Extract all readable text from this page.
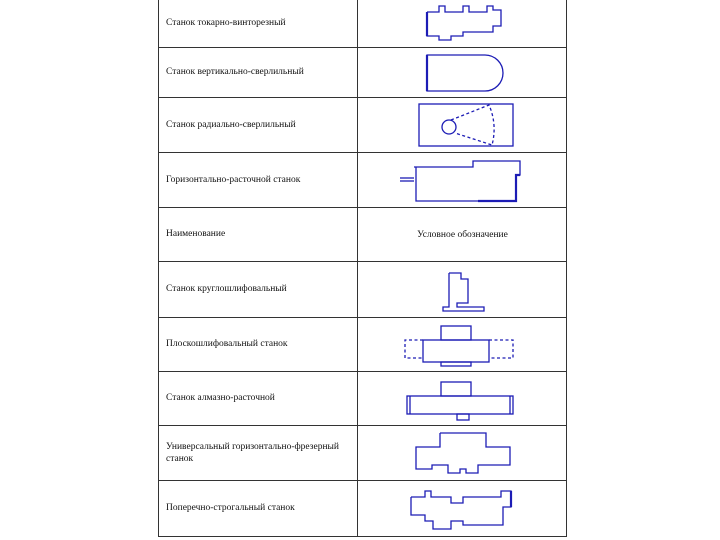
Станок токарно-винторезный
Станок вертикально-сверлильный
Станок радиально-сверлильный
Горизонтально-расточной станок
Наименование	Условное обозначение
Станок круглошлифовальный
Плоскошлифовальный станок
Станок алмазно-расточной
Универсальный горизонтально-фрезерный станок
Поперечно-строгальный станок
